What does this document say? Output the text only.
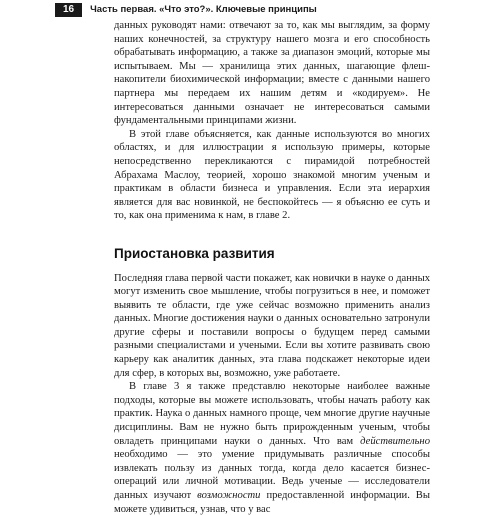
16	Часть первая. «Что это?». Ключевые принципы

данных руководят нами: отвечают за то, как мы выглядим, за форму наших конечностей, за структуру нашего мозга и его способность обрабатывать информацию, а также за диапазон эмоций, которые мы испытываем. Мы — хранилища этих данных, шагающие флеш-накопители биохимической информации; вместе с данными нашего партнера мы передаем их нашим детям и «кодируем». Не интересоваться данными означает не интересоваться самыми фундаментальными принципами жизни.

В этой главе объясняется, как данные используются во многих областях, и для иллюстрации я использую примеры, которые непосредственно перекликаются с пирамидой потребностей Абрахама Маслоу, теорией, хорошо знакомой многим ученым и практикам в области бизнеса и управления. Если эта иерархия является для вас новинкой, не беспокойтесь — я объясню ее суть и то, как она применима к нам, в главе 2.

Приостановка развития

Последняя глава первой части покажет, как новички в науке о данных могут изменить свое мышление, чтобы погрузиться в нее, и поможет выявить те области, где уже сейчас возможно применить анализ данных. Многие достижения науки о данных основательно затронули другие сферы и поставили вопросы о будущем перед самыми разными специалистами и учеными. Если вы хотите развивать свою карьеру как аналитик данных, эта глава подскажет некоторые идеи для сфер, в которых вы, возможно, уже работаете.

В главе 3 я также представлю некоторые наиболее важные подходы, которые вы можете использовать, чтобы начать работу как практик. Наука о данных намного проще, чем многие другие научные дисциплины. Вам не нужно быть прирожденным ученым, чтобы овладеть принципами науки о данных. Что вам действительно необходимо — это умение придумывать различные способы извлекать пользу из данных тогда, когда дело касается бизнес-операций или личной мотивации. Ведь ученые — исследователи данных изучают возможности предоставленной информации. Вы можете удивиться, узнав, что у вас
